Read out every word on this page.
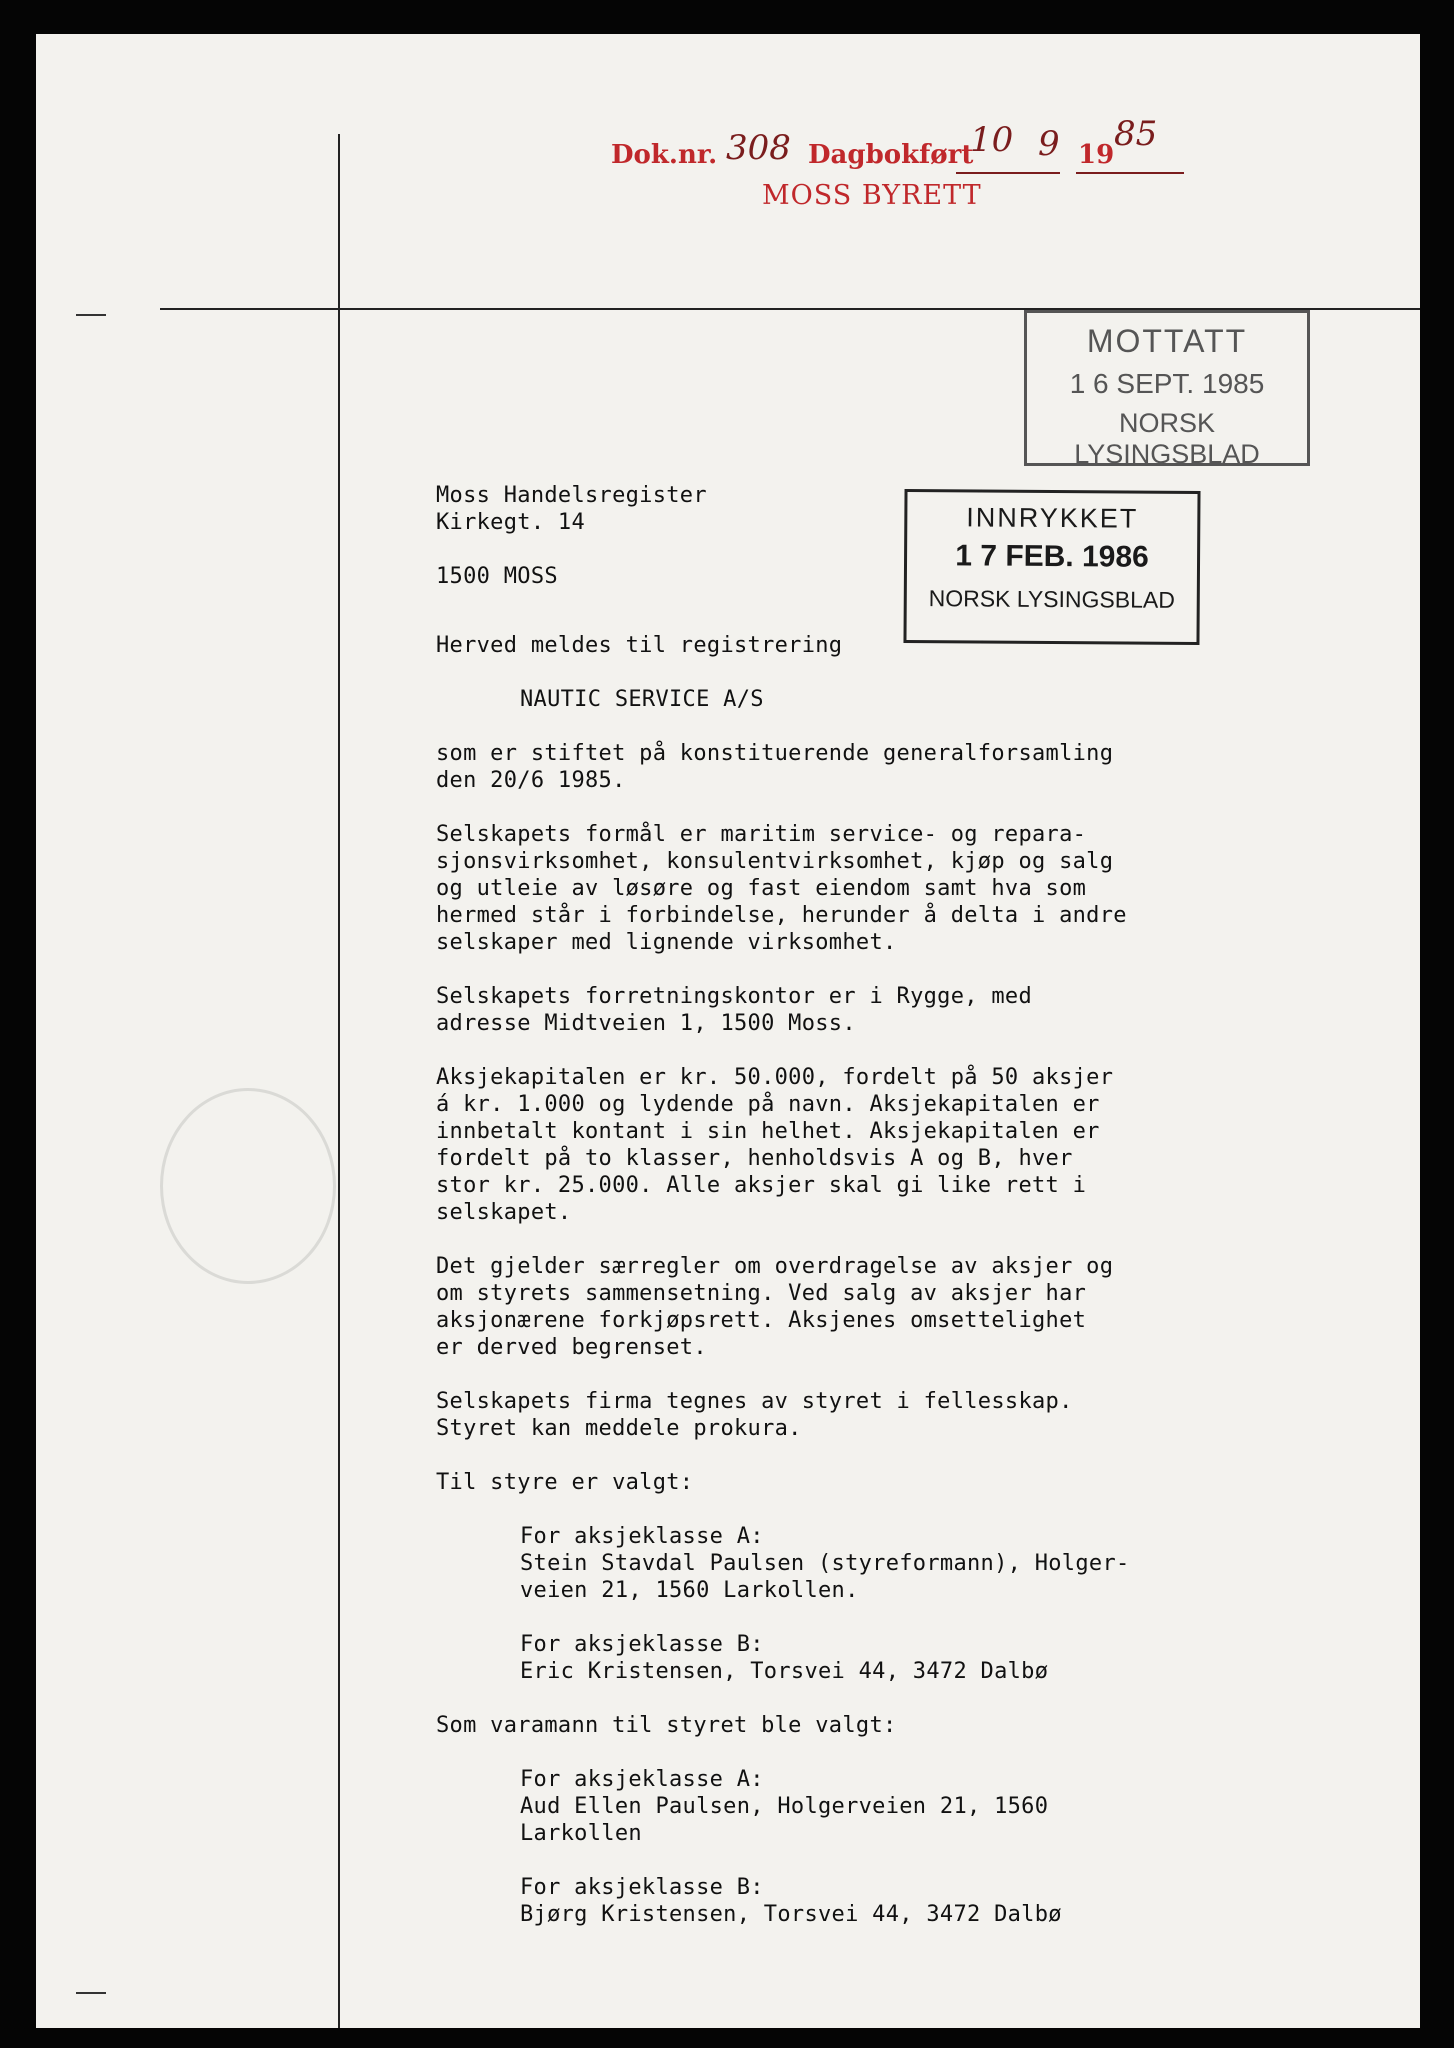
Dok.nr. 308 Dagbokført
10 9 19
85
MOSS BYRETT
MOTTATT
1 6 SEPT. 1985
NORSK LYSINGSBLAD
INNRYKKET
1 7 FEB. 1986
NORSK LYSINGSBLAD
Moss Handelsregister
Kirkegt. 14
1500 MOSS

Herved meldes til registrering

NAUTIC SERVICE A/S

som er stiftet på konstituerende generalforsamling
den 20/6 1985.

Selskapets formål er maritim service- og repara-
sjonsvirksomhet, konsulentvirksomhet, kjøp og salg
og utleie av løsøre og fast eiendom samt hva som
hermed står i forbindelse, herunder å delta i andre
selskaper med lignende virksomhet.

Selskapets forretningskontor er i Rygge, med
adresse Midtveien 1, 1500 Moss.

Aksjekapitalen er kr. 50.000, fordelt på 50 aksjer
á kr. 1.000 og lydende på navn. Aksjekapitalen er
innbetalt kontant i sin helhet. Aksjekapitalen er
fordelt på to klasser, henholdsvis A og B, hver
stor kr. 25.000. Alle aksjer skal gi like rett i
selskapet.

Det gjelder særregler om overdragelse av aksjer og
om styrets sammensetning. Ved salg av aksjer har
aksjonærene forkjøpsrett. Aksjenes omsettelighet
er derved begrenset.

Selskapets firma tegnes av styret i fellesskap.
Styret kan meddele prokura.

Til styre er valgt:

For aksjeklasse A:
Stein Stavdal Paulsen (styreformann), Holger-
veien 21, 1560 Larkollen.

For aksjeklasse B:
Eric Kristensen, Torsvei 44, 3472 Dalbø

Som varamann til styret ble valgt:

For aksjeklasse A:
Aud Ellen Paulsen, Holgerveien 21, 1560
Larkollen

For aksjeklasse B:
Bjørg Kristensen, Torsvei 44, 3472 Dalbø
